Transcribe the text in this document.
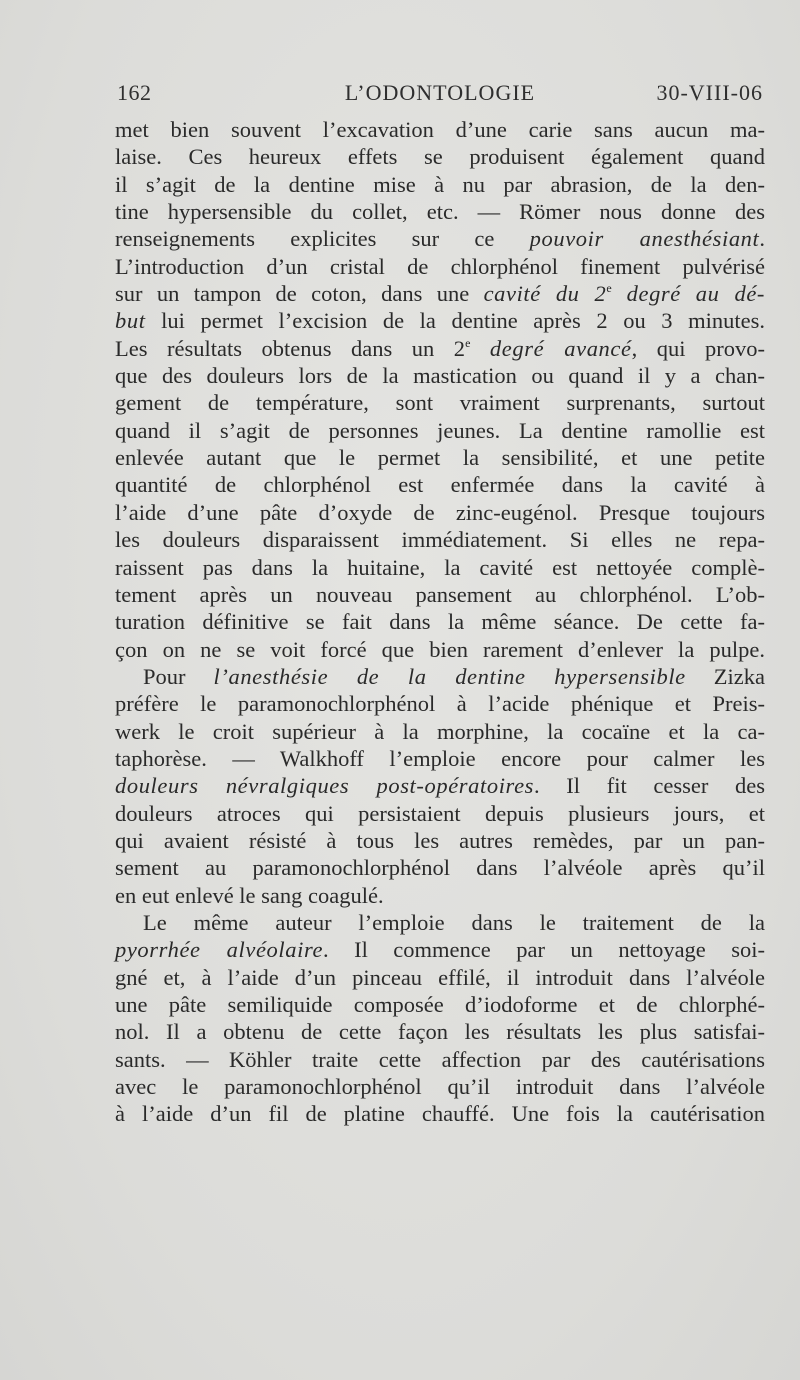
162	L’ODONTOLOGIE	30-VIII-06
met bien souvent l’excavation d’une carie sans aucun ma-
laise. Ces heureux effets se produisent également quand
il s’agit de la dentine mise à nu par abrasion, de la den-
tine hypersensible du collet, etc. — Römer nous donne des
renseignements explicites sur ce pouvoir anesthésiant.
L’introduction d’un cristal de chlorphénol finement pulvérisé
sur un tampon de coton, dans une cavité du 2e degré au dé-
but lui permet l’excision de la dentine après 2 ou 3 minutes.
Les résultats obtenus dans un 2e degré avancé, qui provo-
que des douleurs lors de la mastication ou quand il y a chan-
gement de température, sont vraiment surprenants, surtout
quand il s’agit de personnes jeunes. La dentine ramollie est
enlevée autant que le permet la sensibilité, et une petite
quantité de chlorphénol est enfermée dans la cavité à
l’aide d’une pâte d’oxyde de zinc-eugénol. Presque toujours
les douleurs disparaissent immédiatement. Si elles ne repa-
raissent pas dans la huitaine, la cavité est nettoyée complè-
tement après un nouveau pansement au chlorphénol. L’ob-
turation définitive se fait dans la même séance. De cette fa-
çon on ne se voit forcé que bien rarement d’enlever la pulpe.
Pour l’anesthésie de la dentine hypersensible Zizka
préfère le paramonochlorphénol à l’acide phénique et Preis-
werk le croit supérieur à la morphine, la cocaïne et la ca-
taphorèse. — Walkhoff l’emploie encore pour calmer les
douleurs névralgiques post-opératoires. Il fit cesser des
douleurs atroces qui persistaient depuis plusieurs jours, et
qui avaient résisté à tous les autres remèdes, par un pan-
sement au paramonochlorphénol dans l’alvéole après qu’il
en eut enlevé le sang coagulé.
Le même auteur l’emploie dans le traitement de la
pyorrhée alvéolaire. Il commence par un nettoyage soi-
gné et, à l’aide d’un pinceau effilé, il introduit dans l’alvéole
une pâte semiliquide composée d’iodoforme et de chlorphé-
nol. Il a obtenu de cette façon les résultats les plus satisfai-
sants. — Köhler traite cette affection par des cautérisations
avec le paramonochlorphénol qu’il introduit dans l’alvéole
à l’aide d’un fil de platine chauffé. Une fois la cautérisation
